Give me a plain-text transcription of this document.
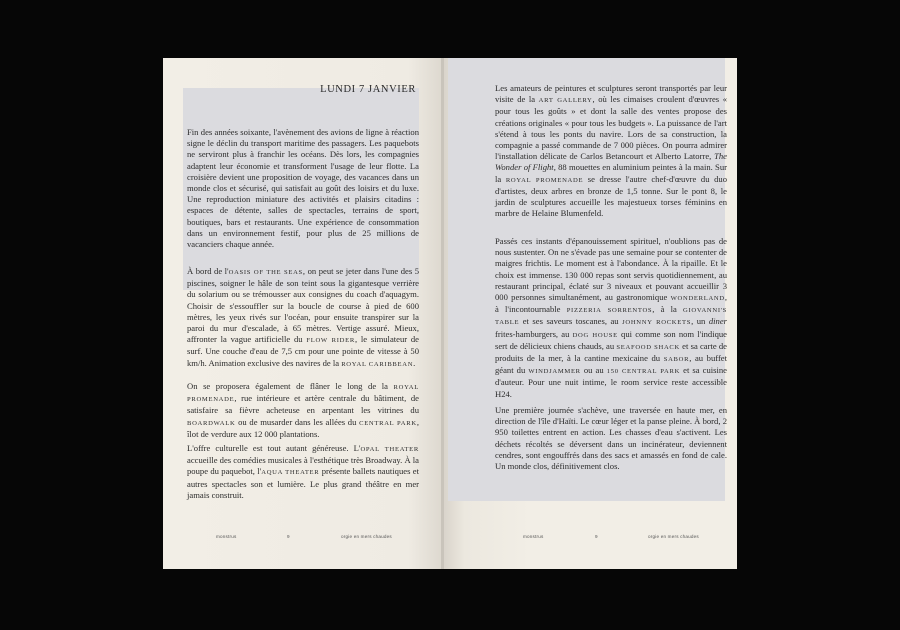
LUNDI 7 JANVIER

Fin des années soixante, l'avènement des avions de ligne à réaction signe le déclin du transport maritime des passagers. Les paquebots ne serviront plus à franchir les océans. Dès lors, les compagnies adaptent leur économie et transforment l'usage de leur flotte. La croisière devient une proposition de voyage, des vacances dans un monde clos et sécurisé, qui satisfait au goût des loisirs et du luxe. Une reproduction miniature des activités et plaisirs citadins : espaces de détente, salles de spectacles, terrains de sport, boutiques, bars et restaurants. Une expérience de consommation dans un environnement festif, pour plus de 25 millions de vacanciers chaque année.

À bord de l'OASIS OF THE SEAS, on peut se jeter dans l'une des 5 piscines, soigner le hâle de son teint sous la gigantesque verrière du solarium ou se trémousser aux consignes du coach d'aquagym. Choisir de s'essouffler sur la boucle de course à pied de 600 mètres, les yeux rivés sur l'océan, pour ensuite transpirer sur la paroi du mur d'escalade, à 65 mètres. Vertige assuré. Mieux, affronter la vague artificielle du FLOW RIDER, le simulateur de surf. Une couche d'eau de 7,5 cm pour une pointe de vitesse à 50 km/h. Animation exclusive des navires de la ROYAL CARIBBEAN.

On se proposera également de flâner le long de la ROYAL PROMENADE, rue intérieure et artère centrale du bâtiment, de satisfaire sa fièvre acheteuse en arpentant les vitrines du BOARDWALK ou de musarder dans les allées du CENTRAL PARK, îlot de verdure aux 12 000 plantations.

L'offre culturelle est tout autant généreuse. L'OPAL THEATER accueille des comédies musicales à l'esthétique très Broadway. À la poupe du paquebot, l'AQUA THEATER présente ballets nautiques et autres spectacles son et lumière. Le plus grand théâtre en mer jamais construit.

monstrus	9	orgie en mers chaudes

Les amateurs de peintures et sculptures seront transportés par leur visite de la ART GALLERY, où les cimaises croulent d'œuvres « pour tous les goûts » et dont la salle des ventes propose des créations originales « pour tous les budgets ». La puissance de l'art s'étend à tous les ponts du navire. Lors de sa construction, la compagnie a passé commande de 7 000 pièces. On pourra admirer l'installation délicate de Carlos Betancourt et Alberto Latorre, The Wonder of Flight, 88 mouettes en aluminium peintes à la main. Sur la ROYAL PROMENADE se dresse l'autre chef-d'œuvre du duo d'artistes, deux arbres en bronze de 1,5 tonne. Sur le pont 8, le jardin de sculptures accueille les majestueux torses féminins en marbre de Helaine Blumenfeld.

Passés ces instants d'épanouissement spirituel, n'oublions pas de nous sustenter. On ne s'évade pas une semaine pour se contenter de maigres frichtis. Le moment est à l'abondance. À la ripaille. Et le choix est immense. 130 000 repas sont servis quotidiennement, au restaurant principal, éclaté sur 3 niveaux et pouvant accueillir 3 000 personnes simultanément, au gastronomique WONDERLAND, à l'incontournable PIZZERIA SORRENTOS, à la GIOVANNI'S TABLE et ses saveurs toscanes, au JOHNNY ROCKETS, un diner frites-hamburgers, au DOG HOUSE qui comme son nom l'indique sert de délicieux chiens chauds, au SEAFOOD SHACK et sa carte de produits de la mer, à la cantine mexicaine du SABOR, au buffet géant du WINDJAMMER ou au 150 CENTRAL PARK et sa cuisine d'auteur. Pour une nuit intime, le room service reste accessible H24.

Une première journée s'achève, une traversée en haute mer, en direction de l'île d'Haïti. Le cœur léger et la panse pleine. À bord, 2 950 toilettes entrent en action. Les chasses d'eau s'activent. Les déchets récoltés se déversent dans un incinérateur, deviennent cendres, sont engouffrés dans des sacs et amassés en fond de cale. Un monde clos, définitivement clos.

monstrus	9	orgie en mers chaudes
